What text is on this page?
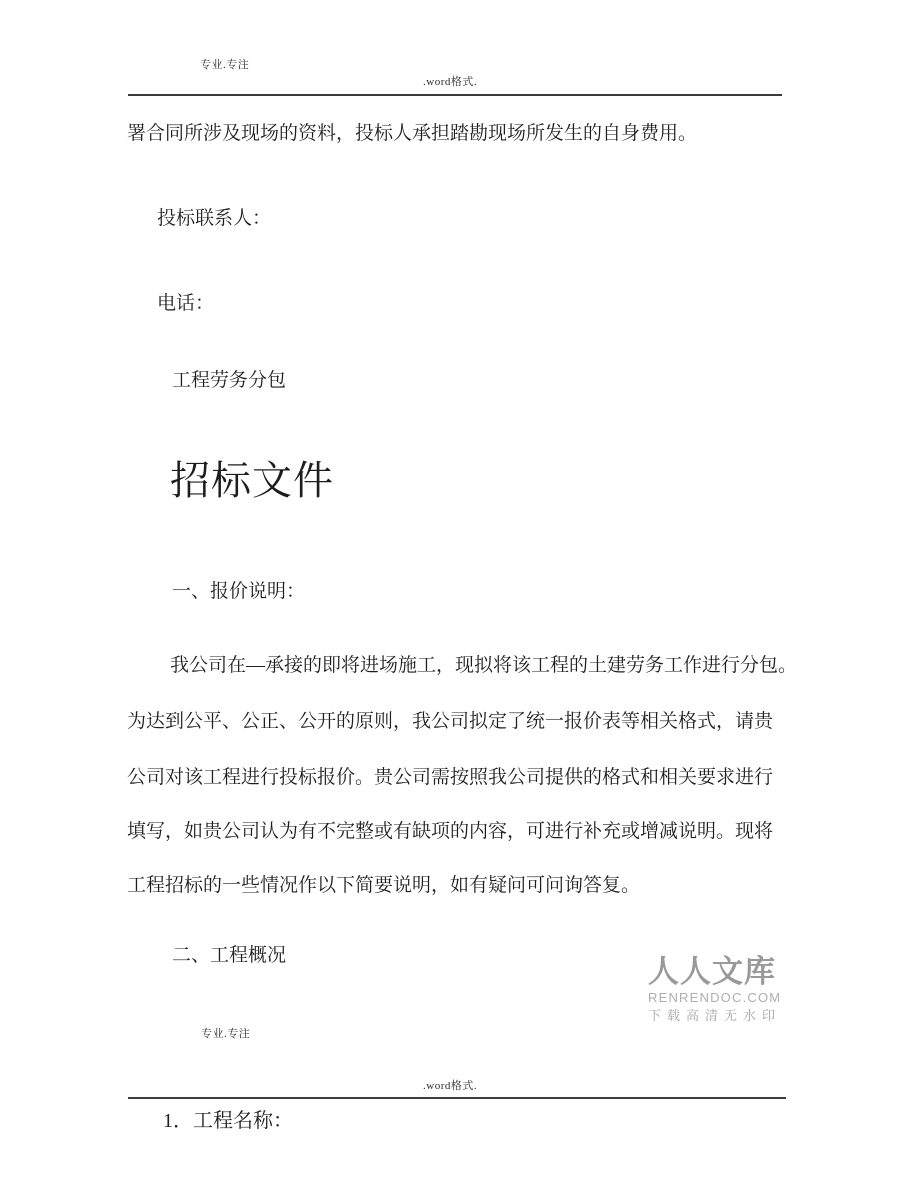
专业.专注
.word格式.
署合同所涉及现场的资料，投标人承担踏勘现场所发生的自身费用。
投标联系人：
电话：
工程劳务分包
招标文件
一、报价说明：
我公司在—承接的即将进场施工，现拟将该工程的土建劳务工作进行分包。
为达到公平、公正、公开的原则，我公司拟定了统一报价表等相关格式，请贵
公司对该工程进行投标报价。贵公司需按照我公司提供的格式和相关要求进行
填写，如贵公司认为有不完整或有缺项的内容，可进行补充或增减说明。现将
工程招标的一些情况作以下简要说明，如有疑问可问询答复。
二、工程概况	人人文库
RENRENDOC.COM
下载高清无水印
专业.专注
.word格式.
1．工程名称：
